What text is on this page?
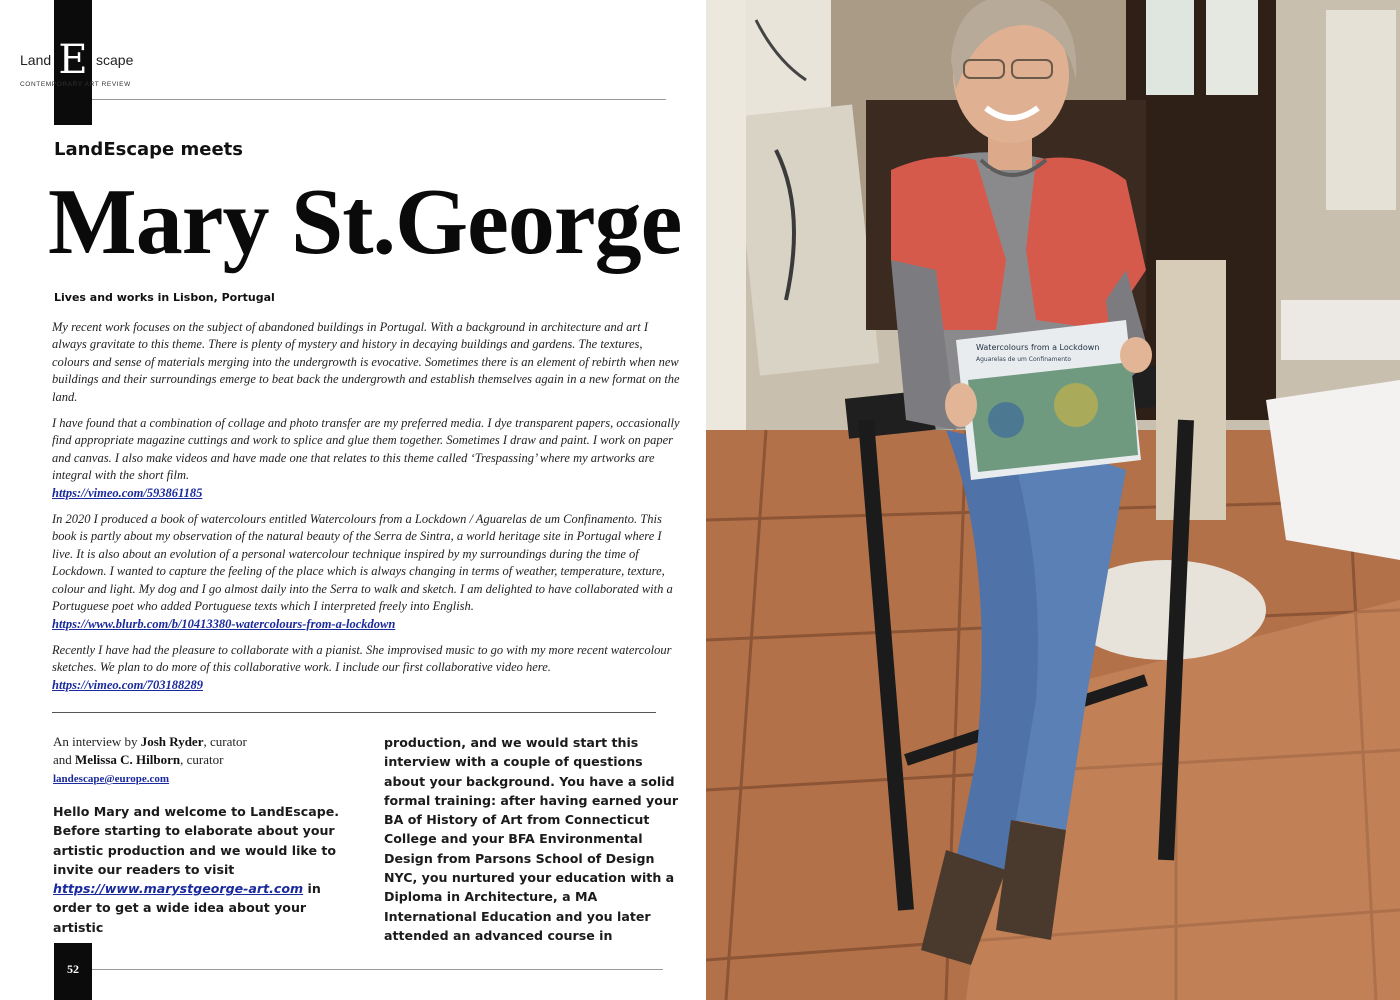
E
Land	scape
CONTEMPORARY ART REVIEW
LandEscape meets
Mary St.George
Lives and works in Lisbon, Portugal

My recent work focuses on the subject of abandoned buildings in Portugal. With a background in architecture and art I always gravitate to this theme. There is plenty of mystery and history in decaying buildings and gardens. The textures, colours and sense of materials merging into the undergrowth is evocative. Sometimes there is an element of rebirth when new buildings and their surroundings emerge to beat back the undergrowth and establish themselves again in a new format on the land.

I have found that a combination of collage and photo transfer are my preferred media. I dye transparent papers, occasionally find appropriate magazine cuttings and work to splice and glue them together. Sometimes I draw and paint. I work on paper and canvas. I also make videos and have made one that relates to this theme called ‘Trespassing’ where my artworks are integral with the short film.
https://vimeo.com/593861185

In 2020 I produced a book of watercolours entitled Watercolours from a Lockdown / Aguarelas de um Confinamento. This book is partly about my observation of the natural beauty of the Serra de Sintra, a world heritage site in Portugal where I live. It is also about an evolution of a personal watercolour technique inspired by my surroundings during the time of Lockdown. I wanted to capture the feeling of the place which is always changing in terms of weather, temperature, texture, colour and light. My dog and I go almost daily into the Serra to walk and sketch. I am delighted to have collaborated with a Portuguese poet who added Portuguese texts which I interpreted freely into English.
https://www.blurb.com/b/10413380-watercolours-from-a-lockdown

Recently I have had the pleasure to collaborate with a pianist. She improvised music to go with my more recent watercolour sketches. We plan to do more of this collaborative work. I include our first collaborative video here.
https://vimeo.com/703188289

An interview by Josh Ryder, curator
and Melissa C. Hilborn, curator
landescape@europe.com
Hello Mary and welcome to LandEscape. Before starting to elaborate about your artistic production and we would like to invite our readers to visit https://www.marystgeorge-art.com in order to get a wide idea about your artistic
production, and we would start this interview with a couple of questions about your background. You have a solid formal training: after having earned your BA of History of Art from Connecticut College and your BFA Environmental Design from Parsons School of Design NYC, you nurtured your education with a Diploma in Architecture, a MA International Education and you later attended an advanced course in
52
Watercolours from a Lockdown
Aguarelas de um Confinamento
